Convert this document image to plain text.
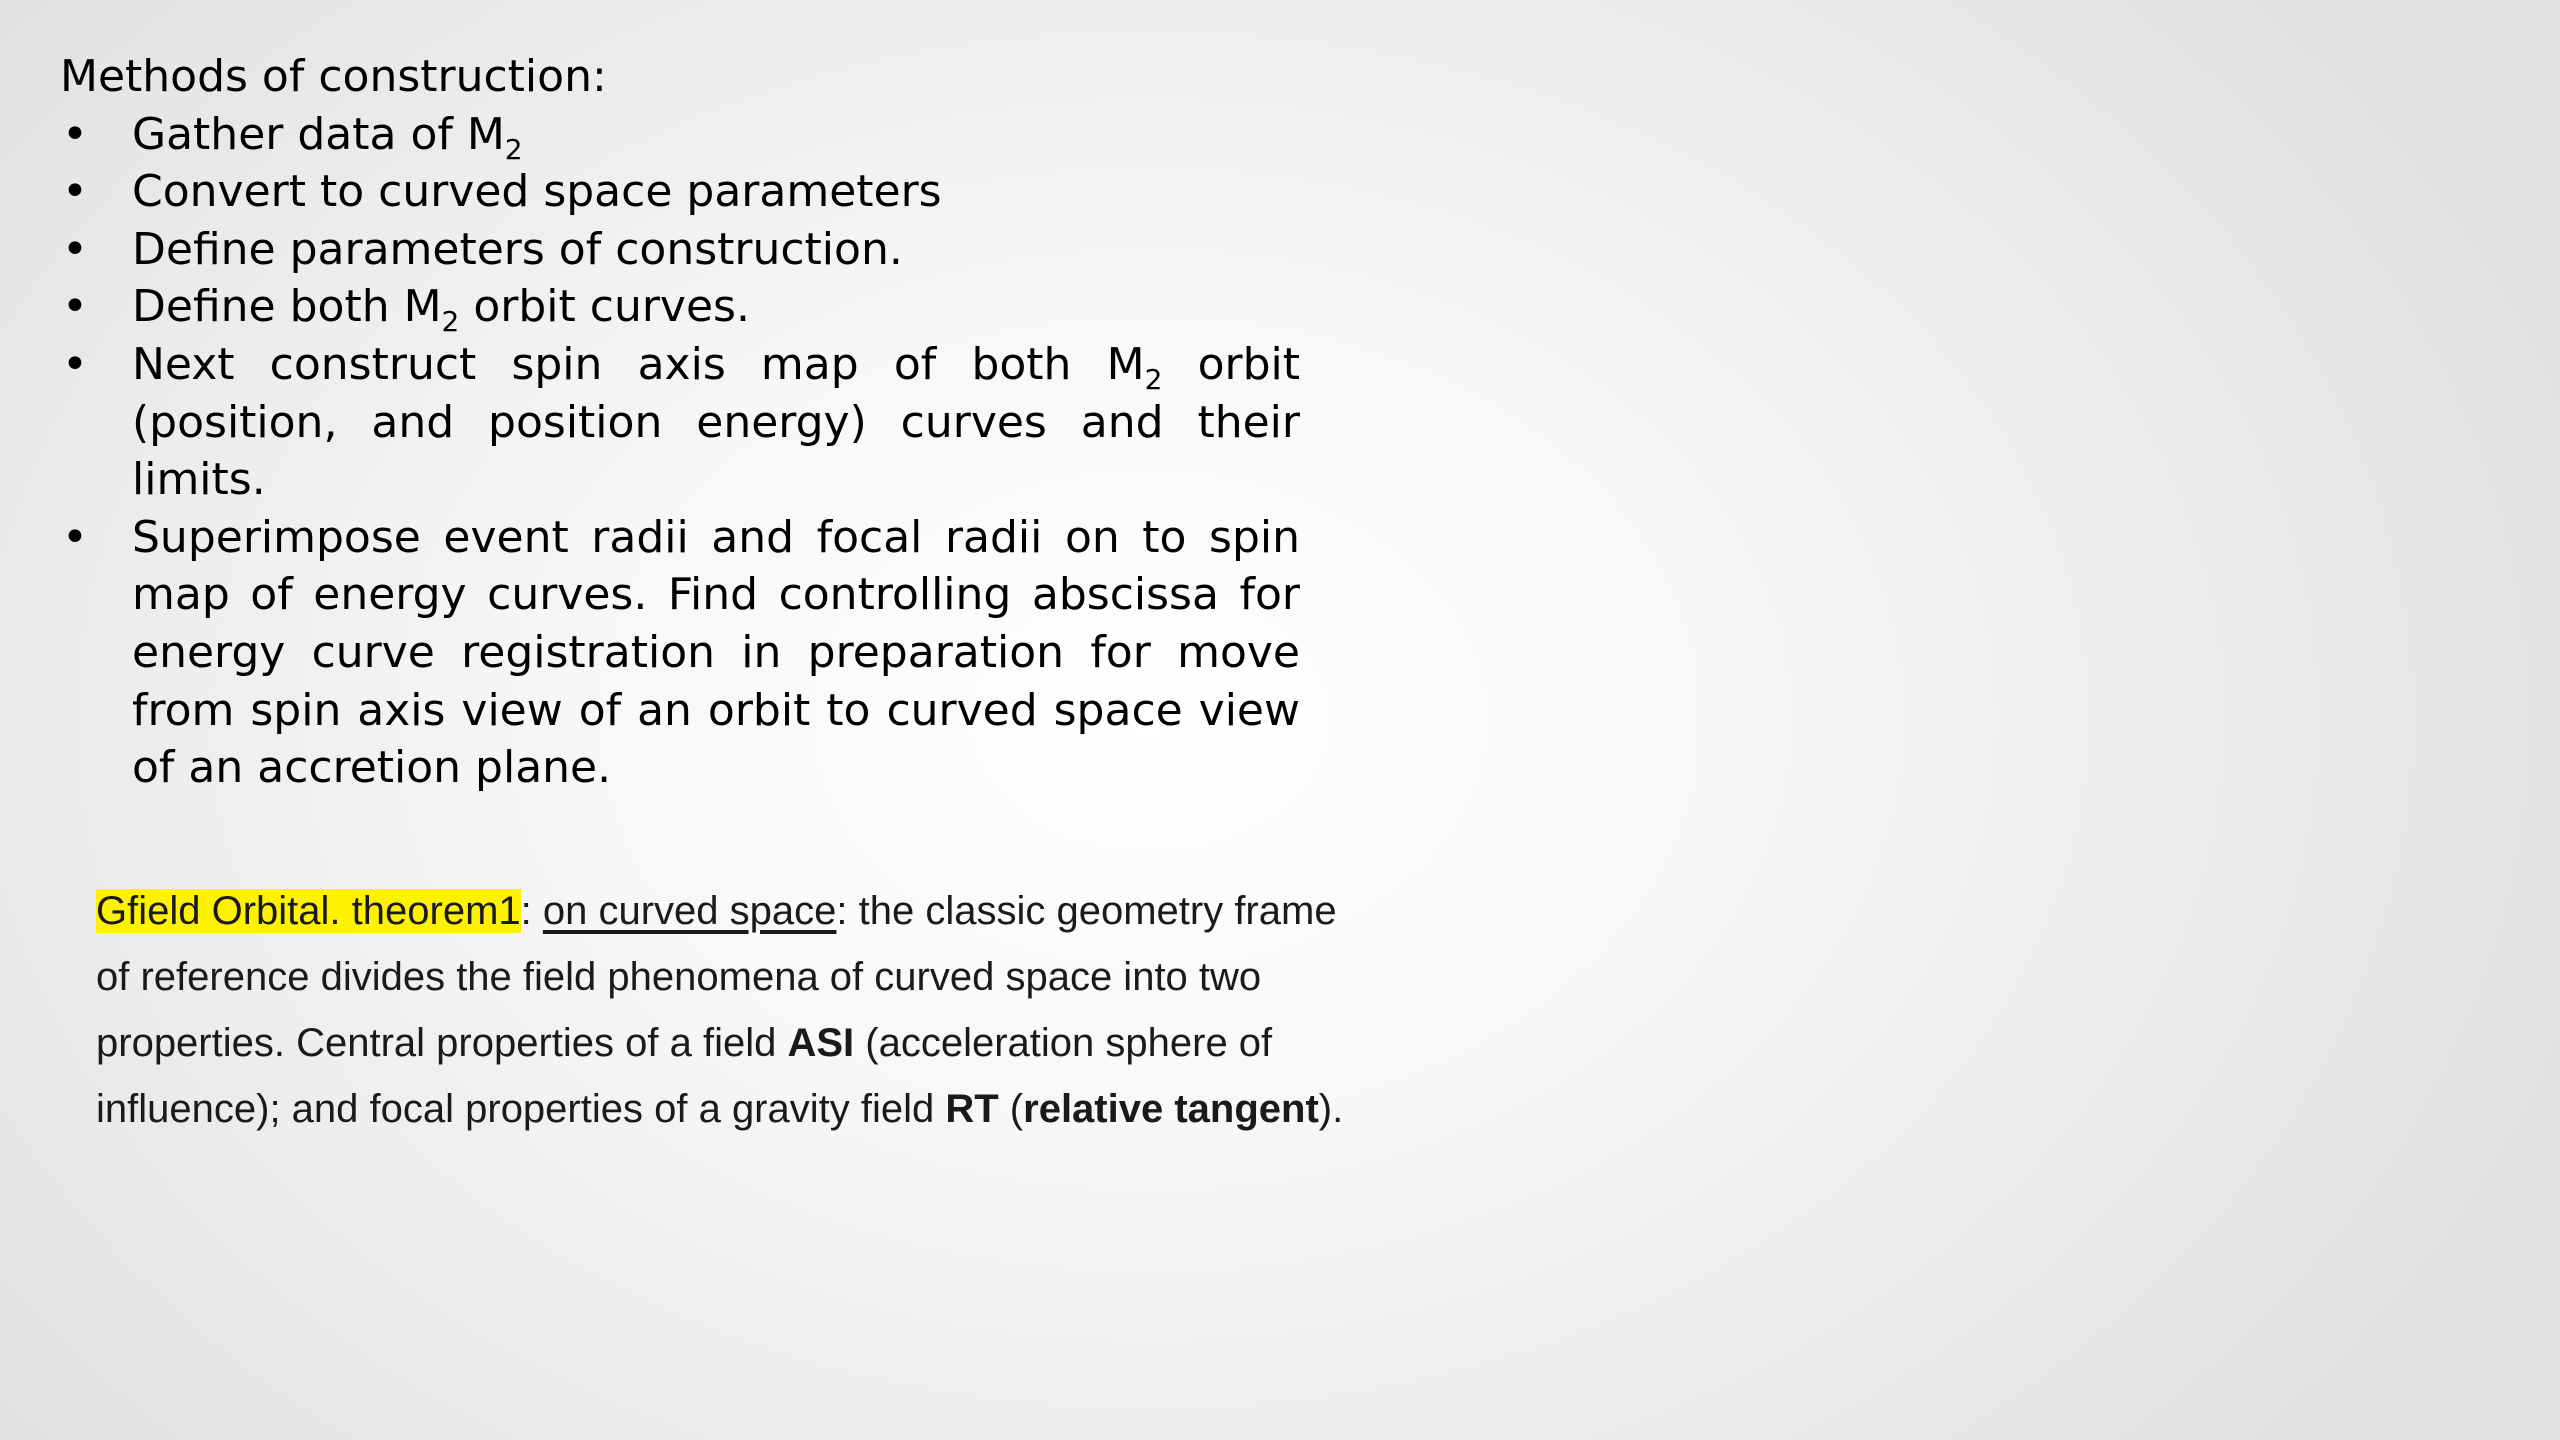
Methods of construction:

• Gather data of $M_2$
• Convert to curved space parameters
• Define parameters of construction.
• Define both $M_2$ orbit curves.
• Next construct spin axis map of both $M_2$ orbit (position, and position energy) curves and their limits.
• Superimpose event radii and focal radii on to spin map of energy curves. Find controlling abscissa for energy curve registration in preparation for move from spin axis view of an orbit to curved space view of an accretion plane.
Gfield Orbital. theorem1: on curved space: the classic geometry frame of reference divides the field phenomena of curved space into two properties. Central properties of a field ASI (acceleration sphere of influence); and focal properties of a gravity field RT (relative tangent).
